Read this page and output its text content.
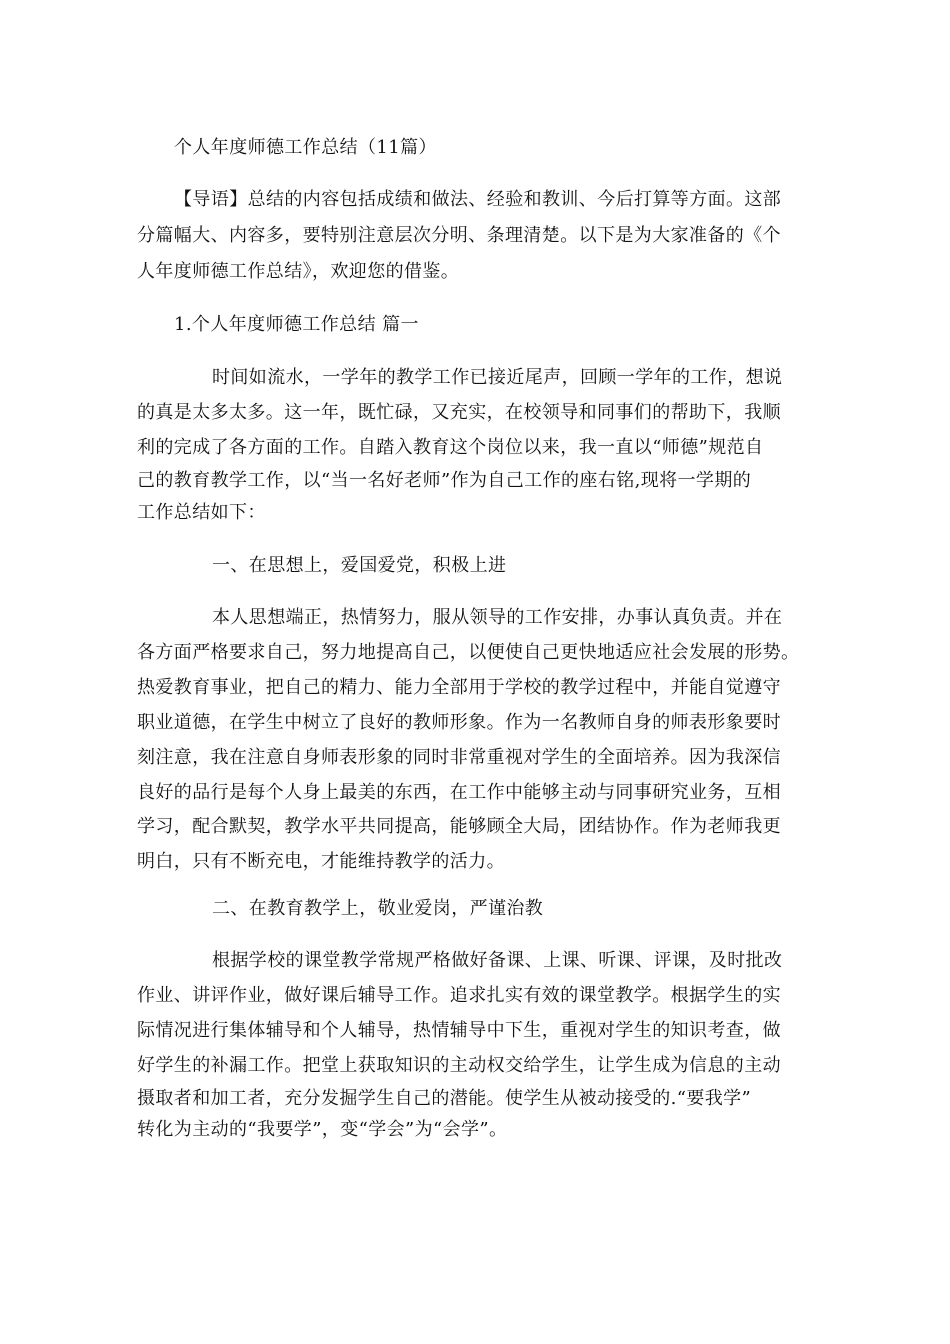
个人年度师德工作总结（11篇）
【导语】总结的内容包括成绩和做法、经验和教训、今后打算等方面。这部
分篇幅大、内容多，要特别注意层次分明、条理清楚。以下是为大家准备的《个
人年度师德工作总结》，欢迎您的借鉴。
1.个人年度师德工作总结 篇一
时间如流水，一学年的教学工作已接近尾声，回顾一学年的工作，想说
的真是太多太多。这一年，既忙碌，又充实，在校领导和同事们的帮助下，我顺
利的完成了各方面的工作。自踏入教育这个岗位以来，我一直以“师德”规范自
己的教育教学工作，以“当一名好老师”作为自己工作的座右铭,现将一学期的
工作总结如下：
一、在思想上，爱国爱党，积极上进
本人思想端正，热情努力，服从领导的工作安排，办事认真负责。并在
各方面严格要求自己，努力地提高自己，以便使自己更快地适应社会发展的形势。
热爱教育事业，把自己的精力、能力全部用于学校的教学过程中，并能自觉遵守
职业道德，在学生中树立了良好的教师形象。作为一名教师自身的师表形象要时
刻注意，我在注意自身师表形象的同时非常重视对学生的全面培养。因为我深信
良好的品行是每个人身上最美的东西，在工作中能够主动与同事研究业务，互相
学习，配合默契，教学水平共同提高，能够顾全大局，团结协作。作为老师我更
明白，只有不断充电，才能维持教学的活力。
二、在教育教学上，敬业爱岗，严谨治教
根据学校的课堂教学常规严格做好备课、上课、听课、评课，及时批改
作业、讲评作业，做好课后辅导工作。追求扎实有效的课堂教学。根据学生的实
际情况进行集体辅导和个人辅导，热情辅导中下生，重视对学生的知识考查，做
好学生的补漏工作。把堂上获取知识的主动权交给学生，让学生成为信息的主动
摄取者和加工者，充分发掘学生自己的潜能。使学生从被动接受的.“要我学”
转化为主动的“我要学”，变“学会”为“会学”。
